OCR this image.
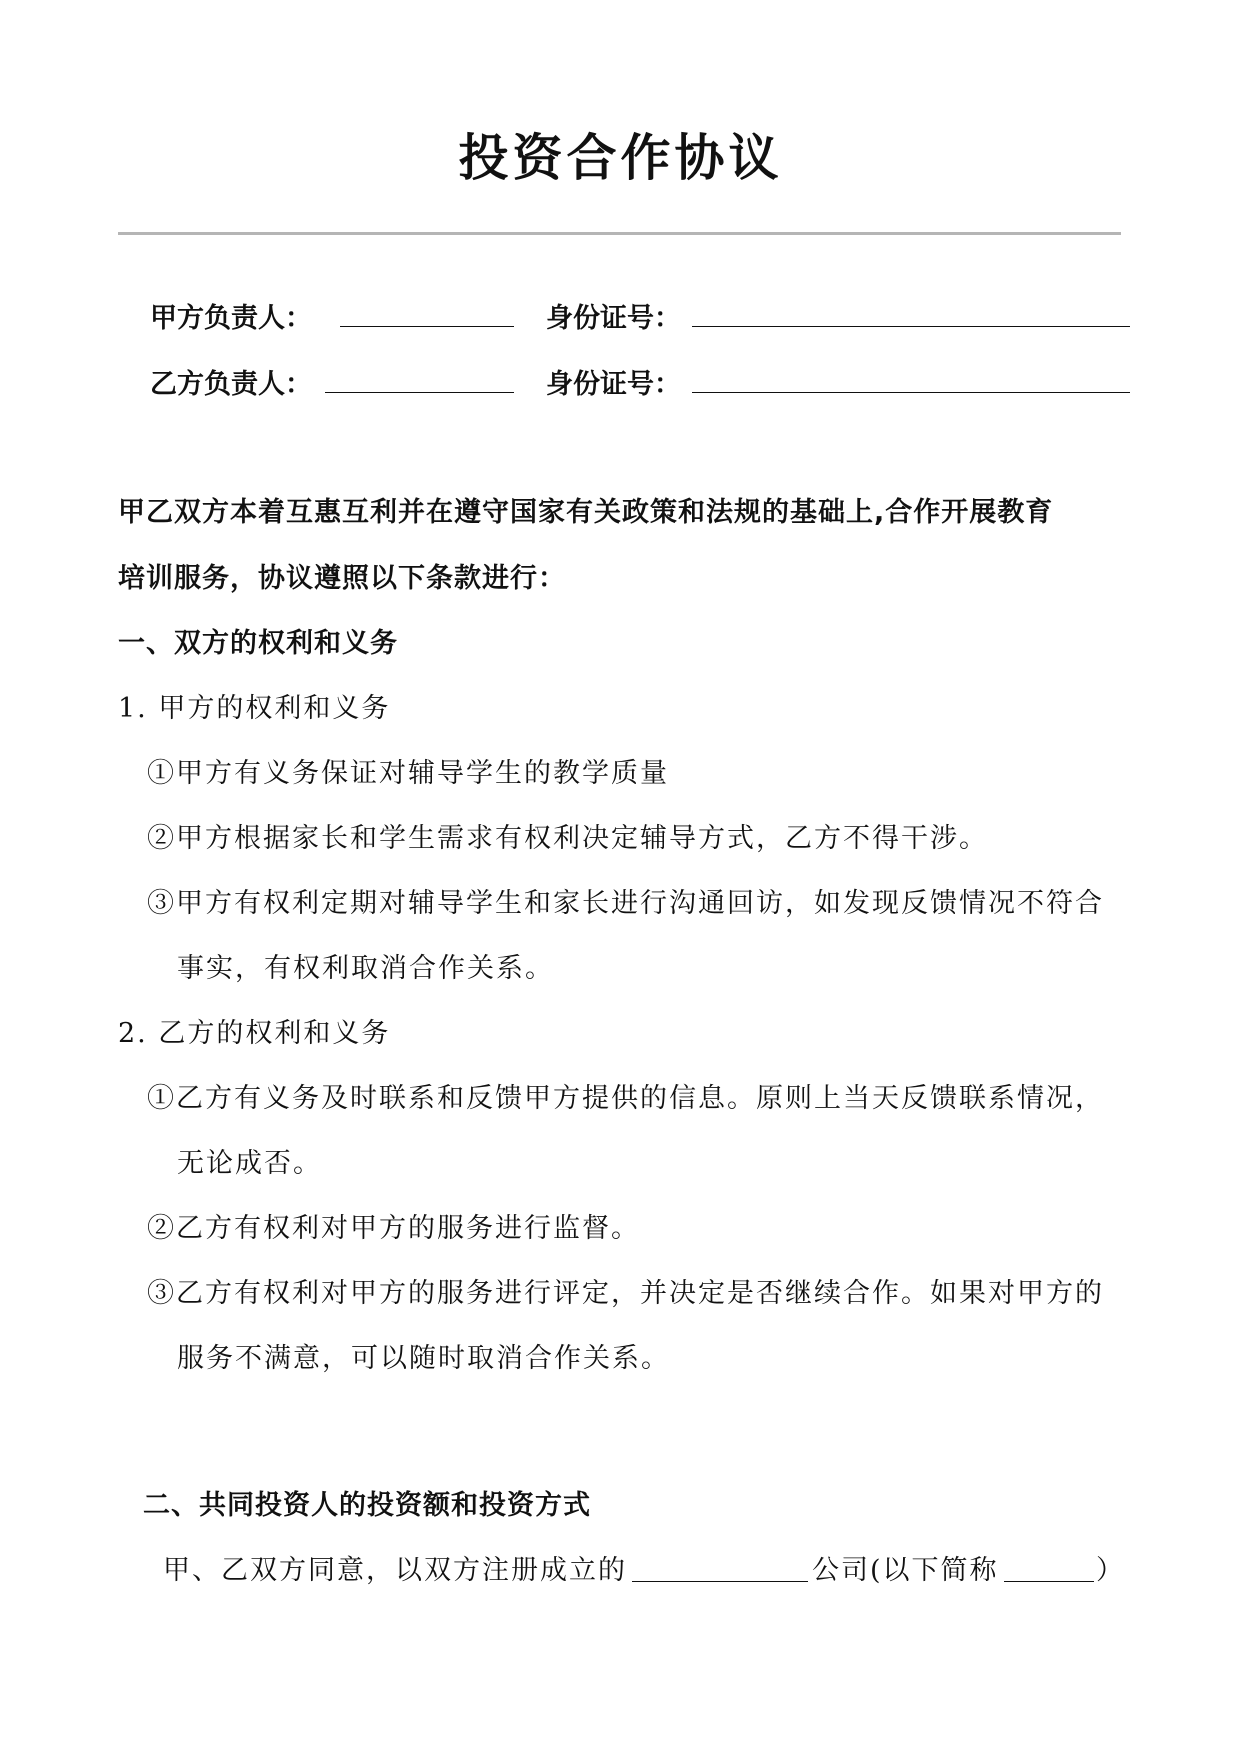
投资合作协议
甲方负责人：	身份证号：
乙方负责人：	身份证号：
甲乙双方本着互惠互利并在遵守国家有关政策和法规的基础上,合作开展教育
培训服务，协议遵照以下条款进行：
一、双方的权利和义务
1. 甲方的权利和义务
①甲方有义务保证对辅导学生的教学质量
②甲方根据家长和学生需求有权利决定辅导方式，乙方不得干涉。
③甲方有权利定期对辅导学生和家长进行沟通回访，如发现反馈情况不符合
事实，有权利取消合作关系。
2. 乙方的权利和义务
①乙方有义务及时联系和反馈甲方提供的信息。原则上当天反馈联系情况，
无论成否。
②乙方有权利对甲方的服务进行监督。
③乙方有权利对甲方的服务进行评定，并决定是否继续合作。如果对甲方的
服务不满意，可以随时取消合作关系。
二、共同投资人的投资额和投资方式
甲、乙双方同意，以双方注册成立的	公司(以下简称	）
